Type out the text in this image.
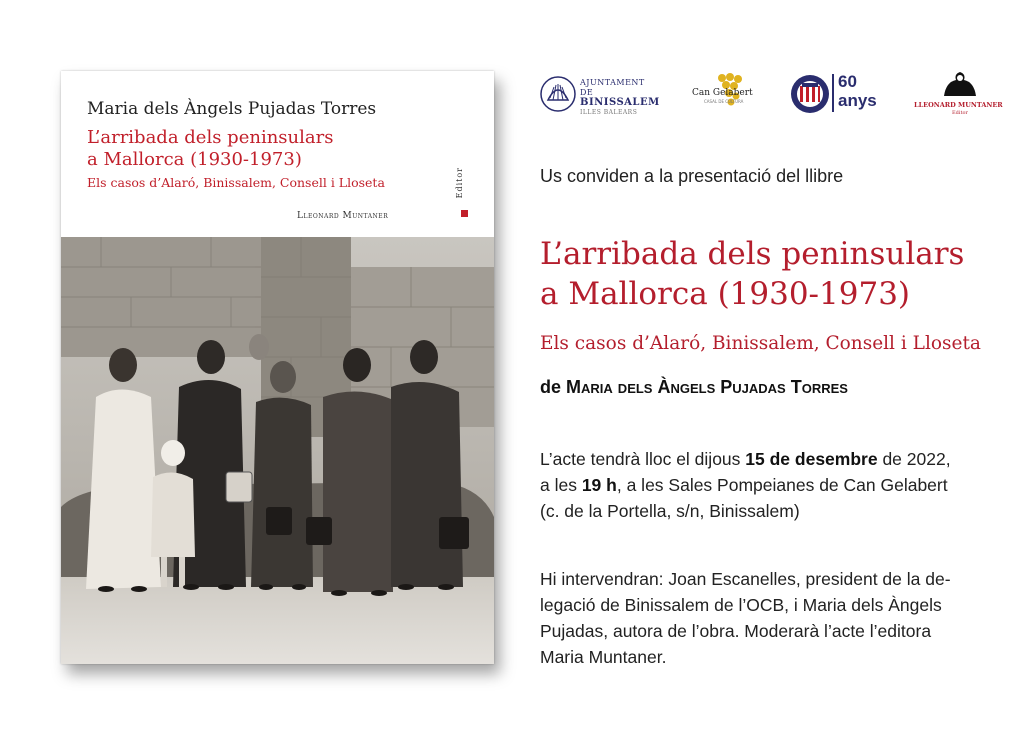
Maria dels Àngels Pujadas Torres
L’arribada dels peninsulars
a Mallorca (1930-1973)
Els casos d’Alaró, Binissalem, Consell i Lloseta	Editor
Lleonard Muntaner
AJUNTAMENT DE
BINISSALEM
ILLES BALEARS
Can Gelabert
CASAL DE CULTURA
60
anys	LLEONARD MUNTANER
Editor
Us conviden a la presentació del llibre
L’arribada dels peninsulars
a Mallorca (1930-1973)
Els casos d’Alaró, Binissalem, Consell i Lloseta
de Maria dels Àngels Pujadas Torres
L’acte tendrà lloc el dijous 15 de desembre de 2022,
a les 19 h, a les Sales Pompeianes de Can Gelabert
(c. de la Portella, s/n, Binissalem)
Hi intervendran: Joan Escanelles, president de la de-
legació de Binissalem de l’OCB, i Maria dels Àngels
Pujadas, autora de l’obra. Moderarà l’acte l’editora
Maria Muntaner.
